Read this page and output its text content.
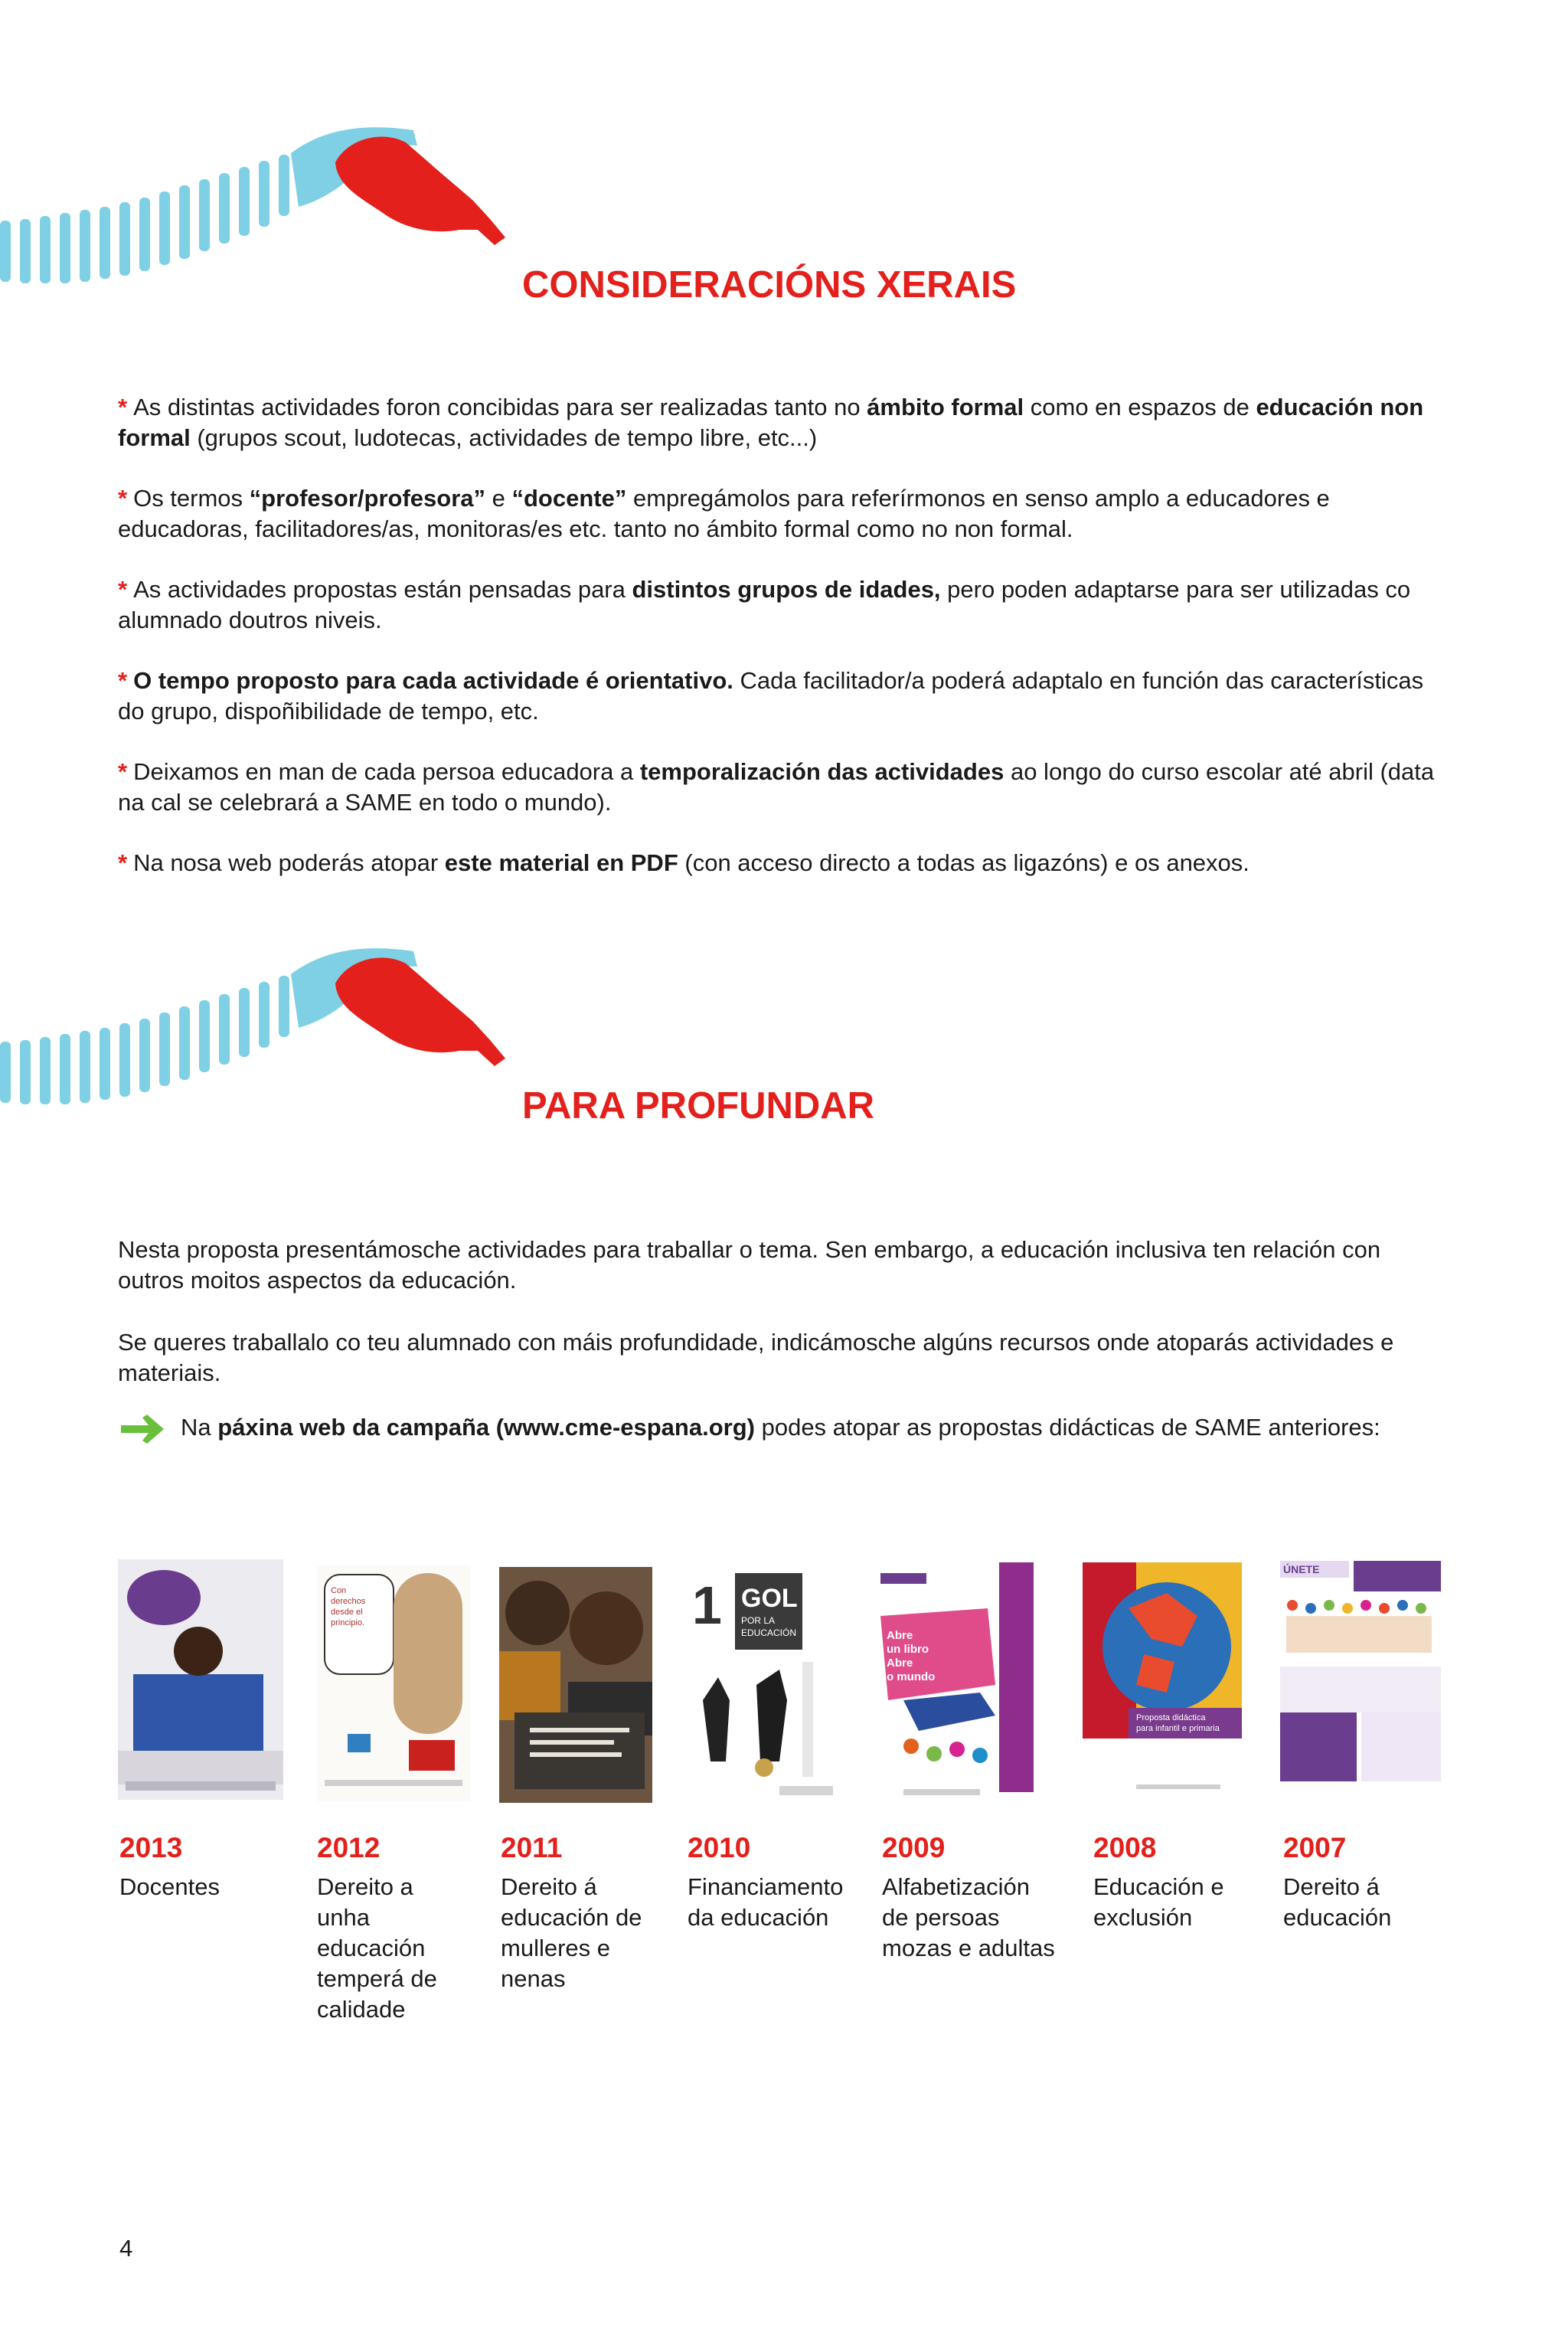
CONSIDERACIÓNS XERAIS

* As distintas actividades foron concibidas para ser realizadas tanto no ámbito formal como en espazos de educación non formal (grupos scout, ludotecas, actividades de tempo libre, etc...)

* Os termos “profesor/profesora” e “docente” empregámolos para referírmonos en senso amplo a educadores e educadoras, facilitadores/as, monitoras/es etc. tanto no ámbito formal como no non formal.

* As actividades propostas están pensadas para distintos grupos de idades, pero poden adaptarse para ser utilizadas co alumnado doutros niveis.

* O tempo proposto para cada actividade é orientativo. Cada facilitador/a poderá adaptalo en función das características do grupo, dispoñibilidade de tempo, etc.

* Deixamos en man de cada persoa educadora a temporalización das actividades ao longo do curso escolar até abril (data na cal se celebrará a SAME en todo o mundo).

* Na nosa web poderás atopar este material en PDF (con acceso directo a todas as ligazóns) e os anexos.

PARA PROFUNDAR

Nesta proposta presentámosche actividades para traballar o tema. Sen embargo, a educación inclusiva ten relación con outros moitos aspectos da educación.

Se queres traballalo co teu alumnado con máis profundidade, indicámosche algúns recursos onde atoparás actividades e materiais.

Na páxina web da campaña (www.cme-espana.org) podes atopar as propostas didácticas de SAME anteriores:
Con
derechos
desde el
principio.	1 GOL
POR LA
EDUCACIÓN	Abre
un libro
Abre
o mundo
Proposta didáctica
para infantil e primaria
ÚNETE

2013	2012	2011	2010	2009	2008	2007

Docentes	Dereito a unha educación temperá de calidade

Dereito á educación de mulleres e nenas

Financiamento da educación

Alfabetización de persoas mozas e adultas

Educación e exclusión

Dereito á educación

4
